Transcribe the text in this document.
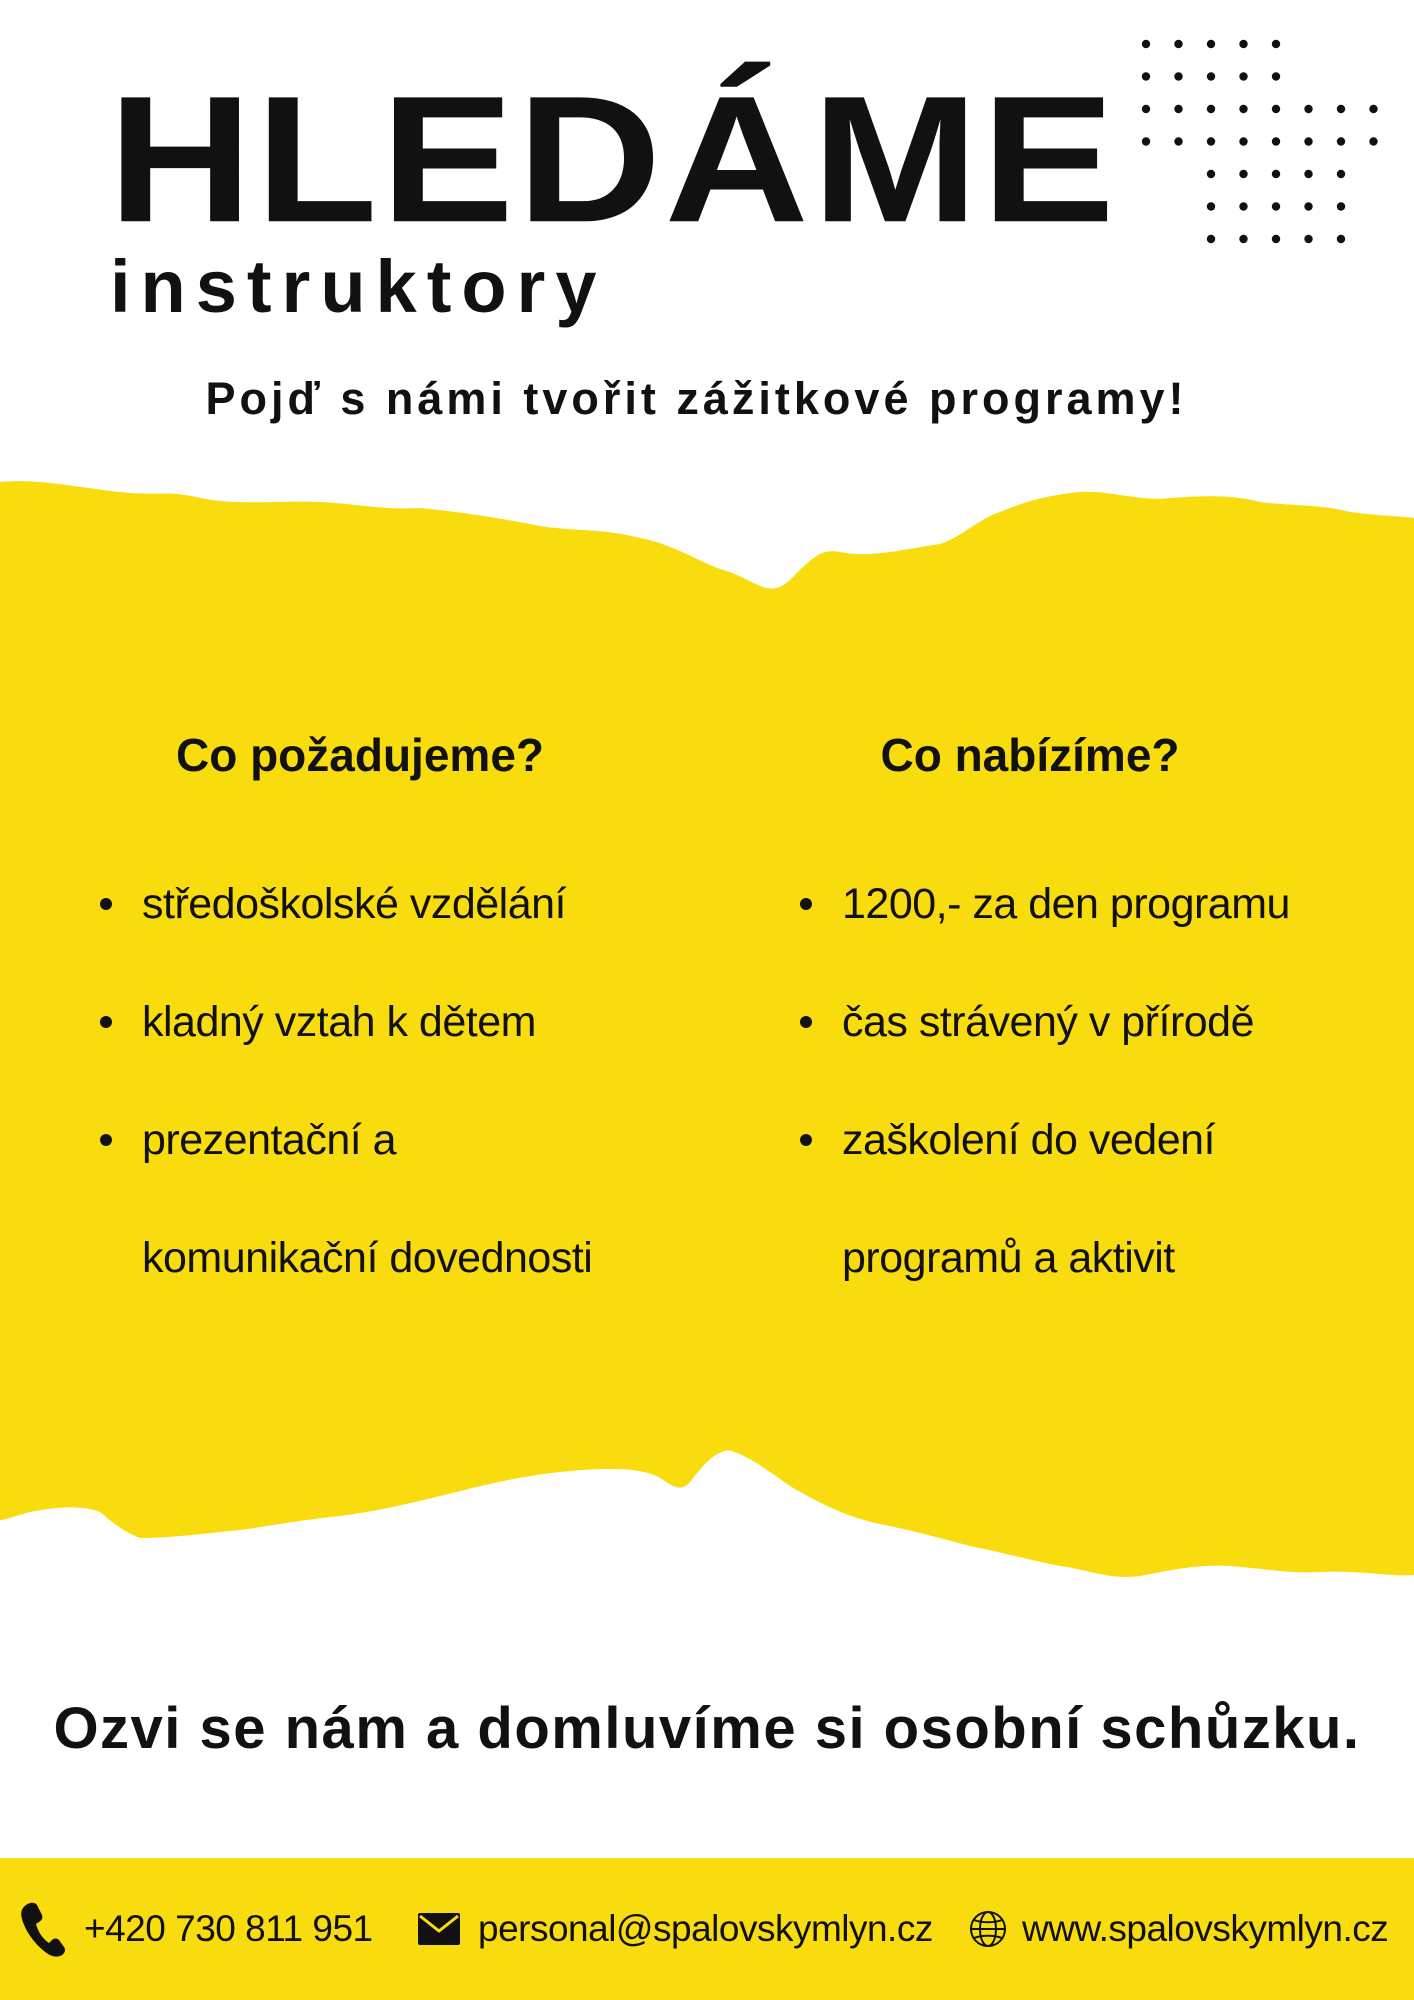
HLEDÁME
instruktory
Pojď s námi tvořit zážitkové programy!
Co požadujeme?
středoškolské vzdělání
kladný vztah k dětem
prezentační a
komunikační dovednosti
Co nabízíme?
1200,- za den programu
čas strávený v přírodě
zaškolení do vedení
programů a aktivit
Ozvi se nám a domluvíme si osobní schůzku.
+420 730 811 951	personal@spalovskymlyn.cz www.spalovskymlyn.cz
